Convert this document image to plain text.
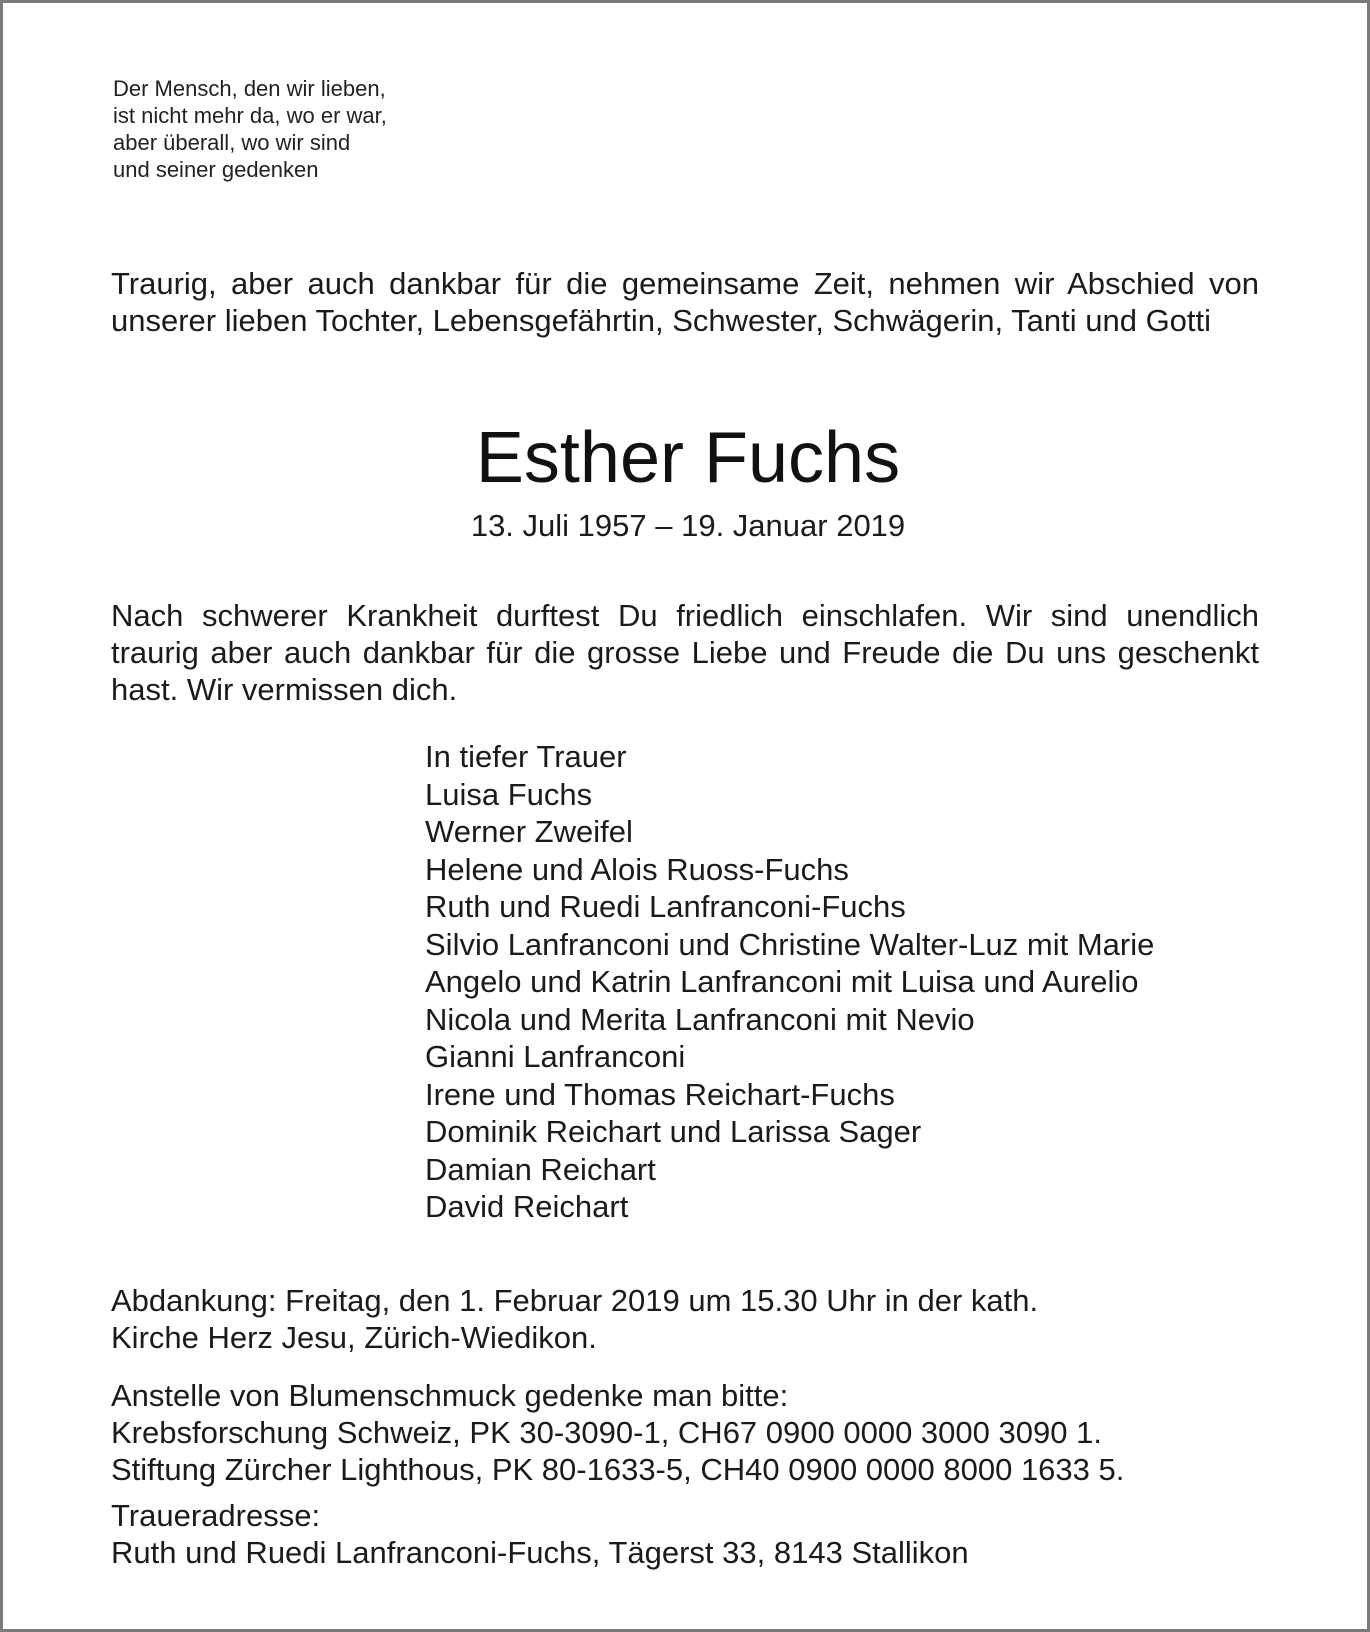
Der Mensch, den wir lieben,
ist nicht mehr da, wo er war,
aber überall, wo wir sind
und seiner gedenken
Traurig, aber auch dankbar für die gemeinsame Zeit, nehmen wir Abschied von unserer lieben Tochter, Lebensgefährtin, Schwester, Schwägerin, Tanti und Gotti
Esther Fuchs
13. Juli 1957 – 19. Januar 2019
Nach schwerer Krankheit durftest Du friedlich einschlafen. Wir sind unendlich traurig aber auch dankbar für die grosse Liebe und Freude die Du uns geschenkt hast. Wir vermissen dich.
In tiefer Trauer
Luisa Fuchs
Werner Zweifel
Helene und Alois Ruoss-Fuchs
Ruth und Ruedi Lanfranconi-Fuchs
Silvio Lanfranconi und Christine Walter-Luz mit Marie
Angelo und Katrin Lanfranconi mit Luisa und Aurelio
Nicola und Merita Lanfranconi mit Nevio
Gianni Lanfranconi
Irene und Thomas Reichart-Fuchs
Dominik Reichart und Larissa Sager
Damian Reichart
David Reichart
Abdankung: Freitag, den 1. Februar 2019 um 15.30 Uhr in der kath.
Kirche Herz Jesu, Zürich-Wiedikon.
Anstelle von Blumenschmuck gedenke man bitte:
Krebsforschung Schweiz, PK 30-3090-1, CH67 0900 0000 3000 3090 1.
Stiftung Zürcher Lighthous, PK 80-1633-5, CH40 0900 0000 8000 1633 5.
Traueradresse:
Ruth und Ruedi Lanfranconi-Fuchs, Tägerst 33, 8143 Stallikon
